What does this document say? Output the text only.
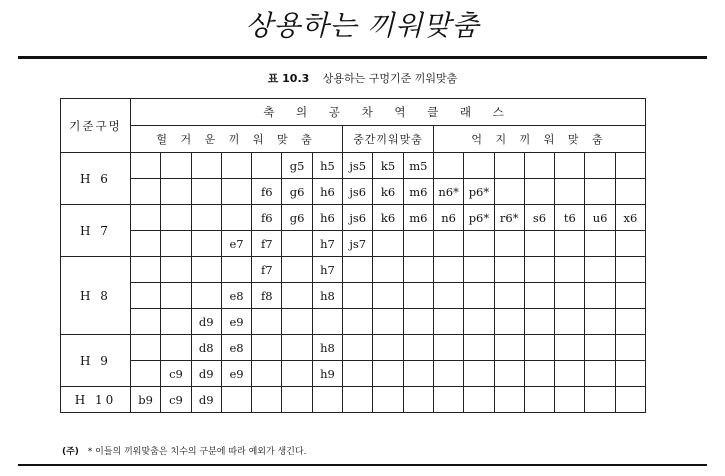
상용하는 끼워맞춤
표 10.3 상용하는 구멍기준 끼워맞춤
기준구멍	축 의 공 차 역 클 래 스																
	헐 거 운 끼 워 맞 춤							중간끼워맞춤			억 지 끼 워 맞 춤						
H 6						g5	h5	js5	k5	m5							
					f6	g6	h6	js6	k6	m6	n6*	p6*					
H 7					f6	g6	h6	js6	k6	m6	n6	p6*	r6*	s6	t6	u6	x6
				e7	f7		h7	js7									
H 8					f7		h7										
				e8	f8		h8										
			d9	e9													
H 9			d8	e8			h8										
		c9	d9	e9			h9										
H 10	b9	c9	d9														
(주) * 이들의 끼워맞춤은 치수의 구분에 따라 예외가 생긴다.
